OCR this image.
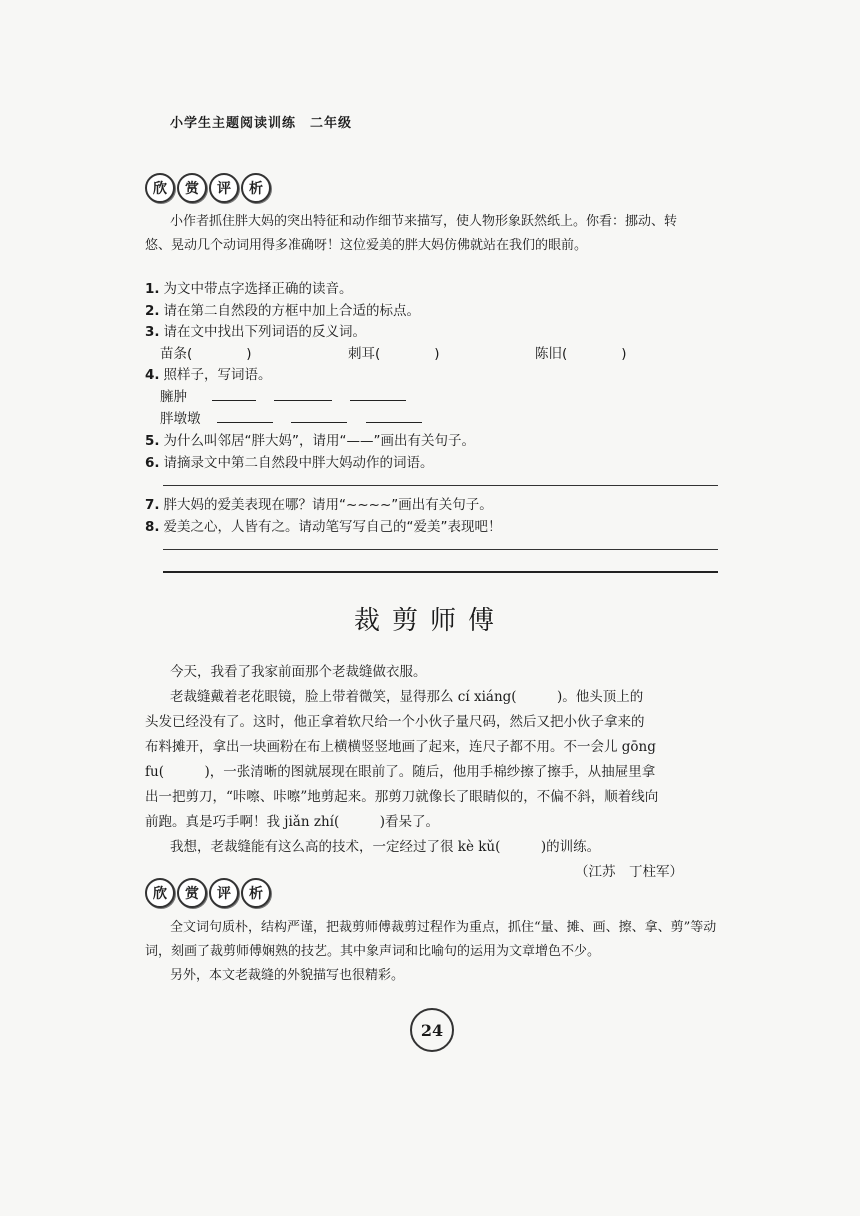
小学生主题阅读训练　二年级
欣	赏	评	析
小作者抓住胖大妈的突出特征和动作细节来描写，使人物形象跃然纸上。你看：挪动、转
悠、晃动几个动词用得多准确呀！这位爱美的胖大妈仿佛就站在我们的眼前。
1. 为文中带点字选择正确的读音。
2. 请在第二自然段的方框中加上合适的标点。
3. 请在文中找出下列词语的反义词。
苗条(　　　　)	刺耳(　　　　)	陈旧(　　　　)
4. 照样子，写词语。
臃肿
胖墩墩
5. 为什么叫邻居“胖大妈”，请用“——”画出有关句子。
6. 请摘录文中第二自然段中胖大妈动作的词语。
7. 胖大妈的爱美表现在哪？请用“~~~~”画出有关句子。
8. 爱美之心，人皆有之。请动笔写写自己的“爱美”表现吧！
裁剪师傅
今天，我看了我家前面那个老裁缝做衣服。
老裁缝戴着老花眼镜，脸上带着微笑，显得那么 cí xiáng(　　　)。他头顶上的
头发已经没有了。这时，他正拿着软尺给一个小伙子量尺码，然后又把小伙子拿来的
布料摊开，拿出一块画粉在布上横横竖竖地画了起来，连尺子都不用。不一会儿 gōng
fu(　　　)，一张清晰的图就展现在眼前了。随后，他用手棉纱擦了擦手，从抽屉里拿
出一把剪刀，“咔嚓、咔嚓”地剪起来。那剪刀就像长了眼睛似的，不偏不斜，顺着线向
前跑。真是巧手啊！我 jiǎn zhí(　　　)看呆了。
我想，老裁缝能有这么高的技术，一定经过了很 kè kǔ(　　　)的训练。
（江苏　丁柱军）
欣	赏	评	析
全文词句质朴，结构严谨，把裁剪师傅裁剪过程作为重点，抓住“量、摊、画、擦、拿、剪”等动
词，刻画了裁剪师傅娴熟的技艺。其中象声词和比喻句的运用为文章增色不少。
另外，本文老裁缝的外貌描写也很精彩。
24
